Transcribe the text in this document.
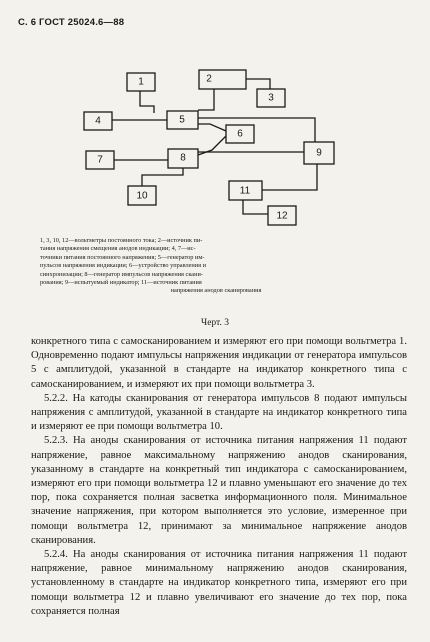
С. 6 ГОСТ 25024.6—88
1	2
3
4	5
6
7	8	9
10	11
12
1, 3, 10, 12—вольтметры постоянного тока; 2—источник пи-
тания напряжения смещения анодов индикации; 4, 7—ис-
точники питания постоянного напряжения; 5—генератор им-
пульсов напряжения индикации; 6—устройство управления и
синхронизации; 8—генератор импульсов напряжения скани-
рования; 9—испытуемый индикатор; 11—источник питания
напряжения анодов сканирования
Черт. 3

конкретного типа с самосканированием и измеряют его при помощи вольтметра 1. Одновременно подают импульсы напряжения индикации от генератора импульсов 5 с амплитудой, указанной в стандарте на индикатор конкретного типа с самосканированием, и измеряют их при помощи вольтметра 3.

5.2.2. На катоды сканирования от генератора импульсов 8 подают импульсы напряжения с амплитудой, указанной в стандарте на индикатор конкретного типа и измеряют ее при помощи вольтметра 10.

5.2.3. На аноды сканирования от источника питания напряжения 11 подают напряжение, равное максимальному напряжению анодов сканирования, указанному в стандарте на конкретный тип индикатора с самосканированием, измеряют его при помощи вольтметра 12 и плавно уменьшают его значение до тех пор, пока сохраняется полная засветка информационного поля. Минимальное значение напряжения, при котором выполняется это условие, измеренное при помощи вольтметра 12, принимают за минимальное напряжение анодов сканирования.

5.2.4. На аноды сканирования от источника питания напряжения 11 подают напряжение, равное минимальному напряжению анодов сканирования, установленному в стандарте на индикатор конкретного типа, измеряют его при помощи вольтметра 12 и плавно увеличивают его значение до тех пор, пока сохраняется полная
